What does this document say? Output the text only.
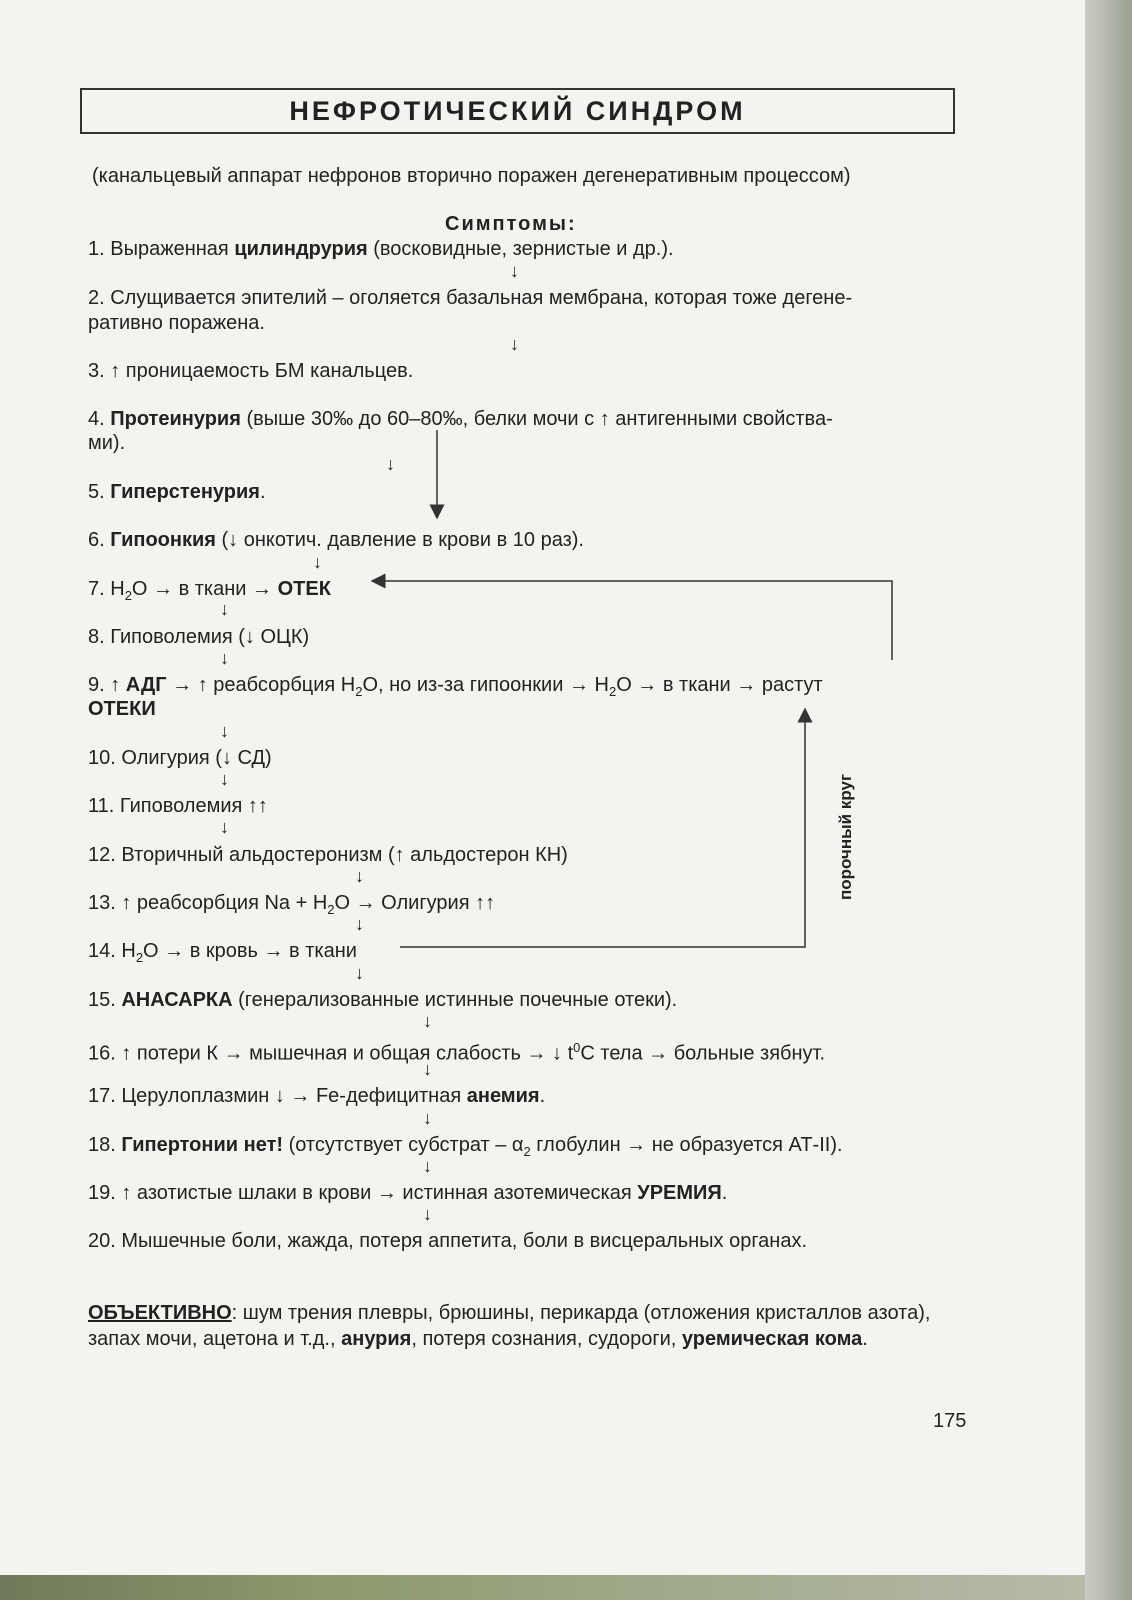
НЕФРОТИЧЕСКИЙ СИНДРОМ
(канальцевый аппарат нефронов вторично поражен дегенеративным процессом)
Симптомы:
1. Выраженная цилиндрурия (восковидные, зернистые и др.).
↓
2. Слущивается эпителий – оголяется базальная мембрана, которая тоже дегене-
ративно поражена.
↓
3. ↑ проницаемость БМ канальцев.
4. Протеинурия (выше 30‰ до 60–80‰, белки мочи с ↑ антигенными свойства-
ми).
↓
5. Гиперстенурия.
6. Гипоонкия (↓ онкотич. давление в крови в 10 раз).
↓
7. $H_2O \to в$ ткани → ОТЕК
↓
8. Гиповолемия (↓ ОЦК)
↓
9. ↑ АДГ → ↑ реабсорбция $H_2O$, но из-за гипоонкии → $H_2O \to в$ ткани → растут
ОТЕКИ
↓
10. Олигурия (↓ СД)
↓
11. Гиповолемия ↑↑
↓
12. Вторичный альдостеронизм (↑ альдостерон КН)
↓
13. ↑ реабсорбция $Na + H_2O$ → Олигурия ↑↑
↓
14. $H_2O \to в$ кровь → в ткани
↓
15. АНАСАРКА (генерализованные истинные почечные отеки).
↓
16. ↑ потери К → мышечная и общая слабость → ↓ $t^0C$ тела → больные зябнут.
↓
17. Церулоплазмин ↓ → Fe-дефицитная анемия.
↓
18. Гипертонии нет! (отсутствует субстрат – $\alpha_2$ глобулин → не образуется АТ-II).
↓
19. ↑ азотистые шлаки в крови → истинная азотемическая УРЕМИЯ.
↓
20. Мышечные боли, жажда, потеря аппетита, боли в висцеральных органах.
порочный круг
ОБЪЕКТИВНО: шум трения плевры, брюшины, перикарда (отложения кристаллов азота), запах мочи, ацетона и т.д., анурия, потеря сознания, судороги, уремическая кома.
175
